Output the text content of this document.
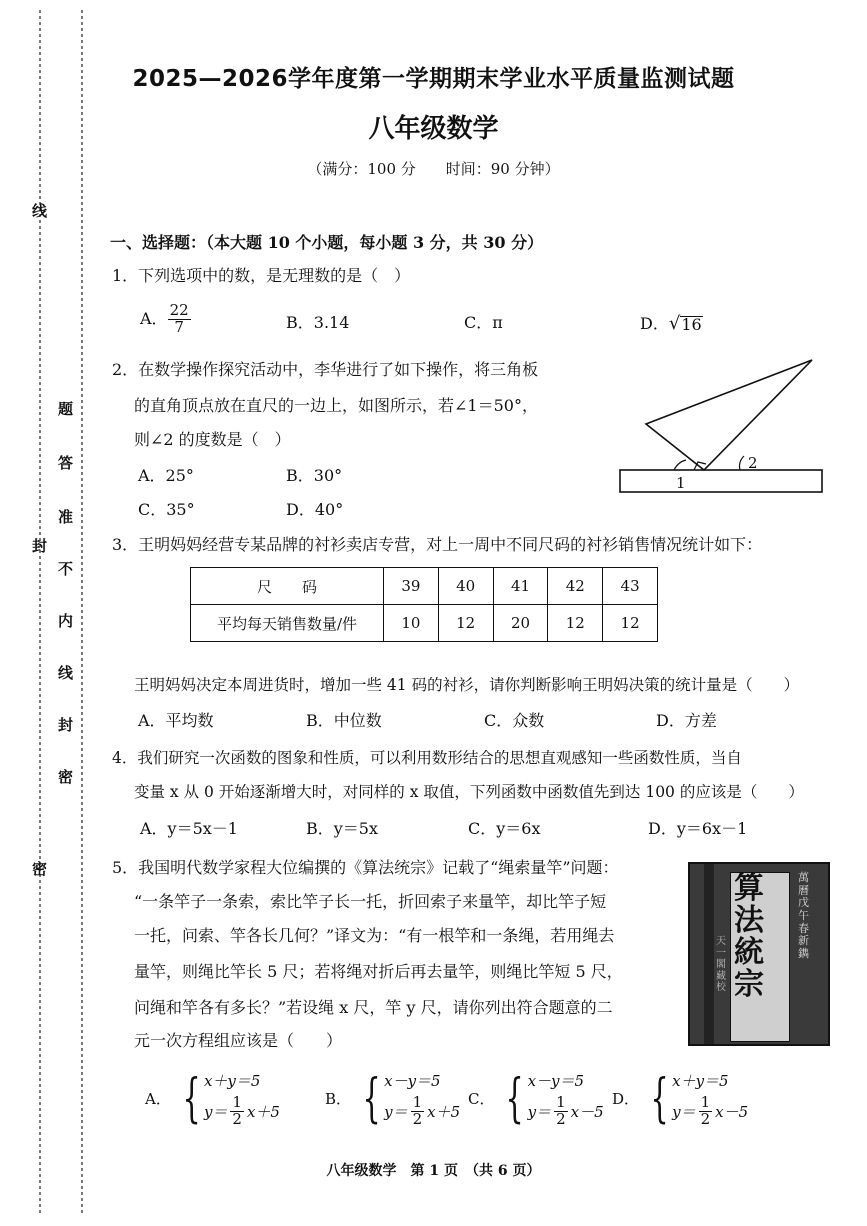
线
题
答
准
不
内
线
封
密
封
密
2025—2026学年度第一学期期末学业水平质量监测试题
八年级数学
（满分：100 分　　时间：90 分钟）
一、选择题：（本大题 10 个小题，每小题 3 分，共 30 分）
1．下列选项中的数，是无理数的是（　）
A． $\frac{22}{7}$	B．3.14	C．π	D． √ 16
2．在数学操作探究活动中，李华进行了如下操作，将三角板
的直角顶点放在直尺的一边上，如图所示，若∠1＝50°，
则∠2 的度数是（　）
A．25°	B．30°
C．35°	D．40°
1
2
3．王明妈妈经营专某品牌的衬衫卖店专营，对上一周中不同尺码的衬衫销售情况统计如下：
尺　　码	39	40	41	42	43
平均每天销售数量/件	10	12	20	12	12
王明妈妈决定本周进货时，增加一些 41 码的衬衫，请你判断影响王明妈决策的统计量是（　　）
A．平均数	B．中位数	C．众数	D．方差
4．我们研究一次函数的图象和性质，可以利用数形结合的思想直观感知一些函数性质，当自
变量 x 从 0 开始逐渐增大时，对同样的 x 取值，下列函数中函数值先到达 100 的应该是（　　）
A．y＝5x－1	B．y＝5x	C．y＝6x	D．y＝6x－1
5．我国明代数学家程大位编撰的《算法统宗》记载了“绳索量竿”问题：
“一条竿子一条索，索比竿子长一托，折回索子来量竿，却比竿子短
一托，问索、竿各长几何？”译文为：“有一根竿和一条绳，若用绳去
量竿，则绳比竿长 5 尺；若将绳对折后再去量竿，则绳比竿短 5 尺，
问绳和竿各有多长？”若设绳 x 尺，竿 y 尺，请你列出符合题意的二
元一次方程组应该是（　　）
算
法
統
宗
萬曆戊午春新鐫
天一閣藏校
A． { x＋y＝5
$y= \frac{1}{2} x+5$
B． { x－y＝5
$y= \frac{1}{2} x+5$
C． { x－y＝5
$y= \frac{1}{2} x-5$
D． { x＋y＝5
$y= \frac{1}{2} x-5$
八年级数学　第 1 页　（共 6 页）
